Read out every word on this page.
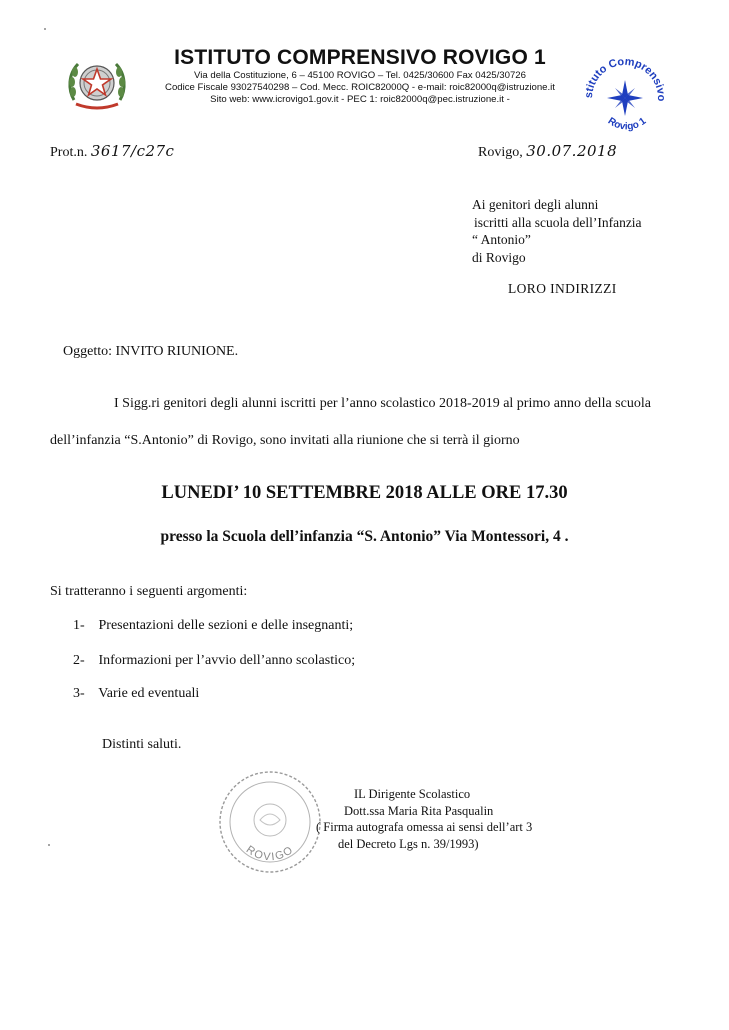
ISTITUTO COMPRENSIVO ROVIGO 1
Via della Costituzione, 6 – 45100 ROVIGO – Tel. 0425/30600 Fax 0425/30726
Codice Fiscale 93027540298 – Cod. Mecc. ROIC82000Q - e-mail: roic82000q@istruzione.it
Sito web: www.icrovigo1.gov.it - PEC 1: roic82000q@pec.istruzione.it -	stituto Comprensivo
Rovigo 1
Prot.n. 3617/c27c	Rovigo, 30.07.2018
Ai genitori degli alunni
iscritti alla scuola dell’Infanzia
“ Antonio”
di Rovigo
LORO INDIRIZZI
Oggetto: INVITO RIUNIONE.
I Sigg.ri genitori degli alunni iscritti per l’anno scolastico 2018-2019 al primo anno della scuola
dell’infanzia “S.Antonio” di Rovigo, sono invitati alla riunione che si terrà il giorno
LUNEDI’ 10 SETTEMBRE 2018 ALLE ORE 17.30
presso la Scuola dell’infanzia “S. Antonio” Via Montessori, 4 .
Si tratteranno i seguenti argomenti:
1- Presentazioni delle sezioni e delle insegnanti;
2- Informazioni per l’avvio dell’anno scolastico;
3- Varie ed eventuali
Distinti saluti.
ROVIGO
IL Dirigente Scolastico
Dott.ssa Maria Rita Pasqualin
( Firma autografa omessa ai sensi dell’art 3
del Decreto Lgs n. 39/1993)
